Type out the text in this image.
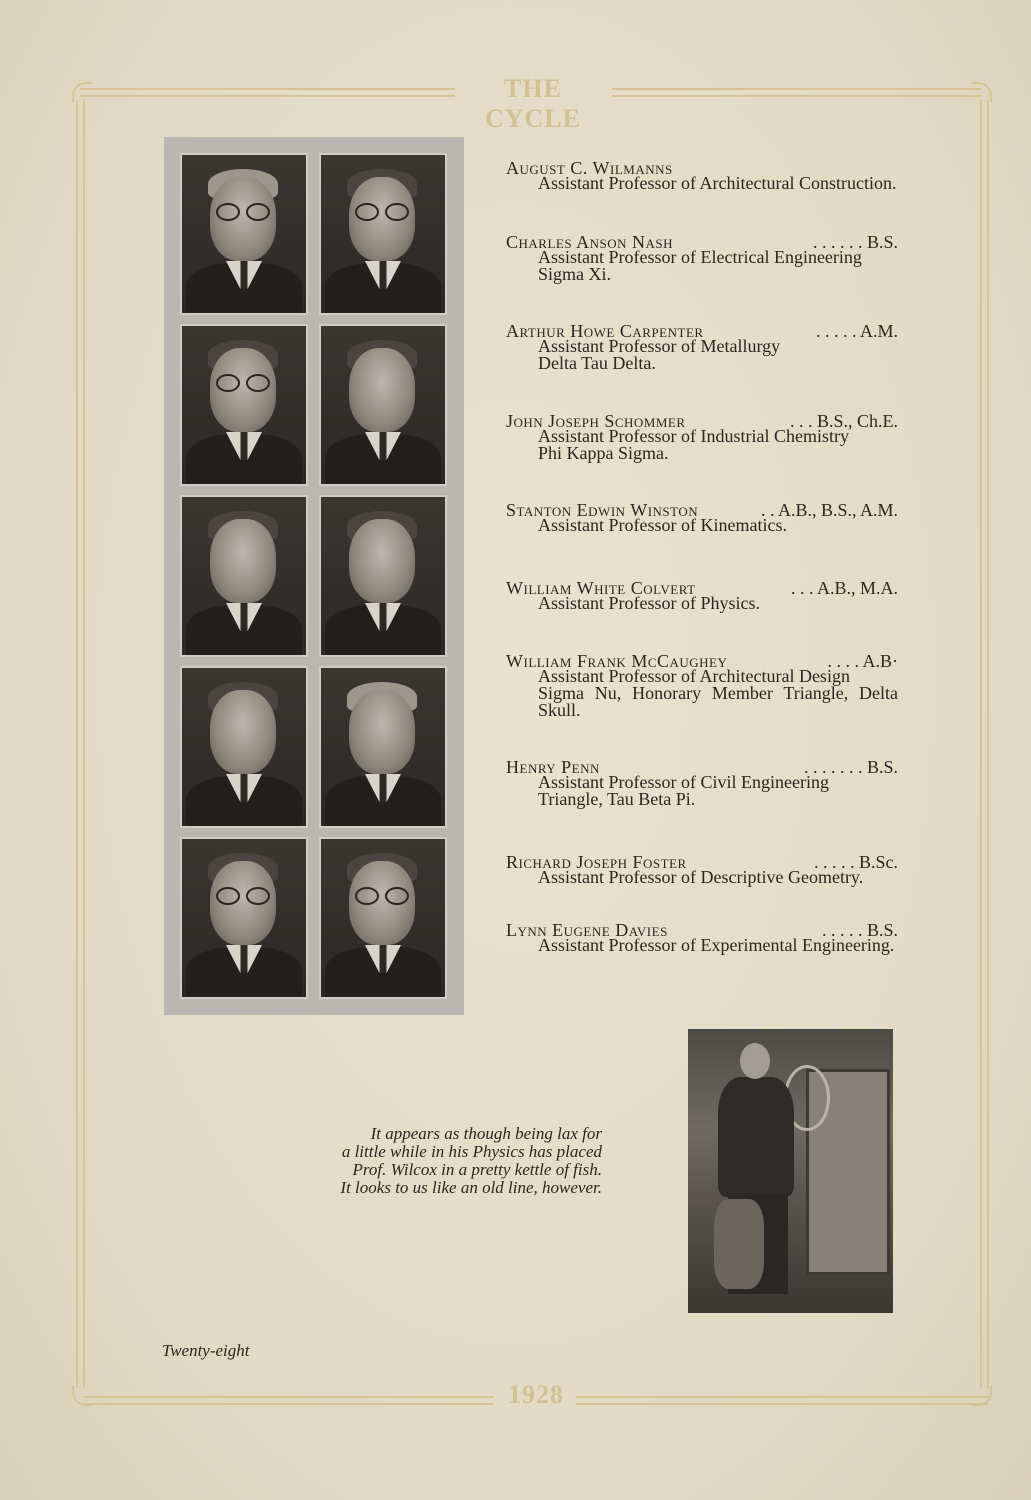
THE CYCLE
1928
August C. Wilmanns
Assistant Professor of Architectural Construction.
Charles Anson Nash	. . . . . . B.S.
Assistant Professor of Electrical Engineering
Sigma Xi.
Arthur Howe Carpenter	. . . . . A.M.
Assistant Professor of Metallurgy
Delta Tau Delta.
John Joseph Schommer	. . . B.S., Ch.E.
Assistant Professor of Industrial Chemistry
Phi Kappa Sigma.
Stanton Edwin Winston	. . A.B., B.S., A.M.
Assistant Professor of Kinematics.
William White Colvert	. . . A.B., M.A.
Assistant Professor of Physics.
William Frank McCaughey	. . . . A.B·
Assistant Professor of Architectural Design
Sigma Nu, Honorary Member Triangle, Delta
Skull.
Henry Penn	. . . . . . . B.S.
Assistant Professor of Civil Engineering
Triangle, Tau Beta Pi.
Richard Joseph Foster	. . . . . B.Sc.
Assistant Professor of Descriptive Geometry.
Lynn Eugene Davies	. . . . . B.S.
Assistant Professor of Experimental Engineering.
It appears as though being lax for
a little while in his Physics has placed
Prof. Wilcox in a pretty kettle of fish.
It looks to us like an old line, however.
Twenty-eight
